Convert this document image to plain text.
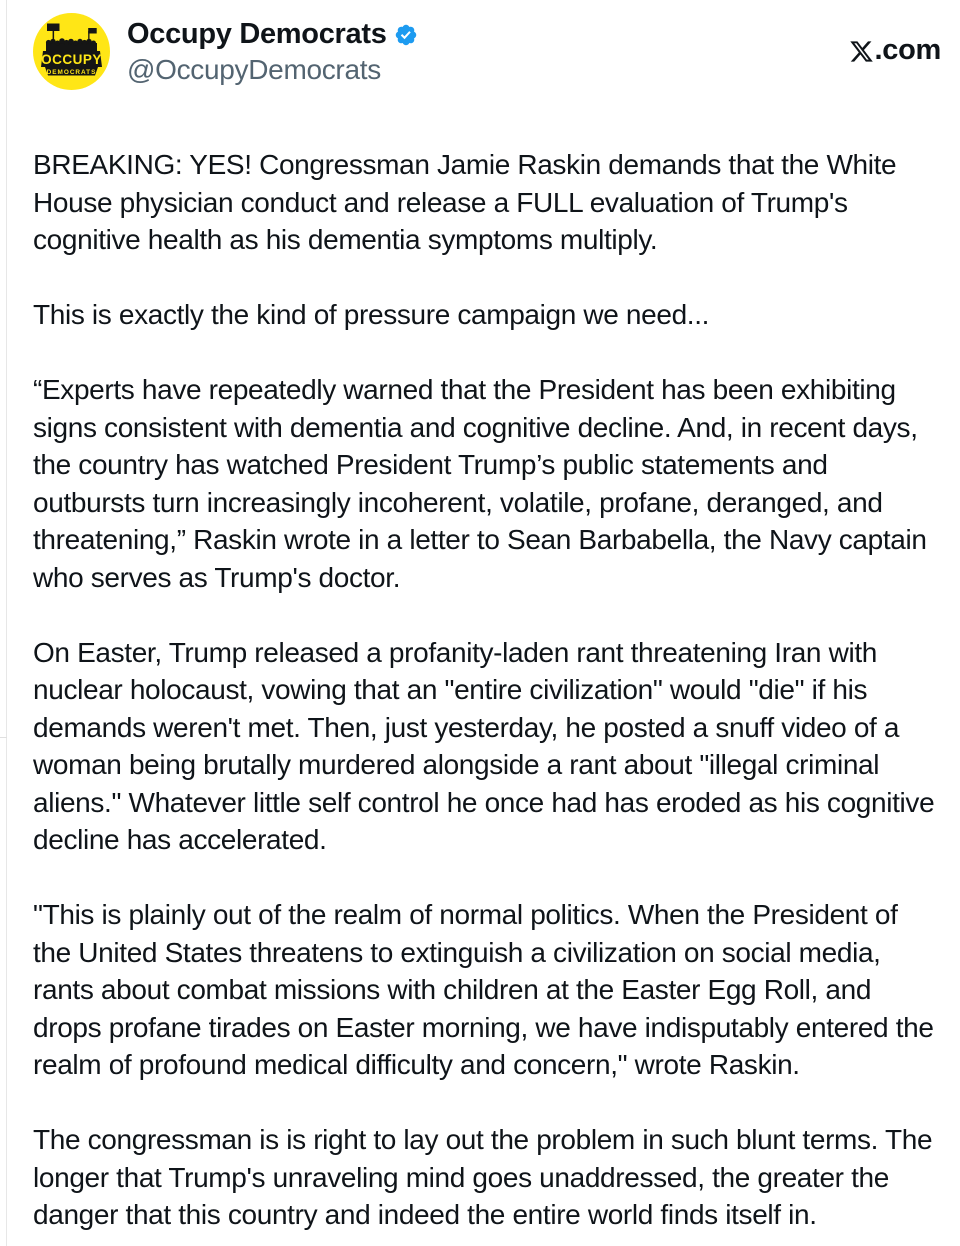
OCCUPY
DEMOCRATS
Occupy Democrats
@OccupyDemocrats
.com

BREAKING: YES! Congressman Jamie Raskin demands that the White House physician conduct and release a FULL evaluation of Trump's cognitive health as his dementia symptoms multiply.

This is exactly the kind of pressure campaign we need...

“Experts have repeatedly warned that the President has been exhibiting signs consistent with dementia and cognitive decline. And, in recent days, the country has watched President Trump’s public statements and outbursts turn increasingly incoherent, volatile, profane, deranged, and threatening,” Raskin wrote in a letter to Sean Barbabella, the Navy captain who serves as Trump's doctor.

On Easter, Trump released a profanity-laden rant threatening Iran with nuclear holocaust, vowing that an "entire civilization" would "die" if his demands weren't met. Then, just yesterday, he posted a snuff video of a woman being brutally murdered alongside a rant about "illegal criminal aliens." Whatever little self control he once had has eroded as his cognitive decline has accelerated.

"This is plainly out of the realm of normal politics. When the President of the United States threatens to extinguish a civilization on social media, rants about combat missions with children at the Easter Egg Roll, and drops profane tirades on Easter morning, we have indisputably entered the realm of profound medical difficulty and concern," wrote Raskin.

The congressman is is right to lay out the problem in such blunt terms. The longer that Trump's unraveling mind goes unaddressed, the greater the danger that this country and indeed the entire world finds itself in.
